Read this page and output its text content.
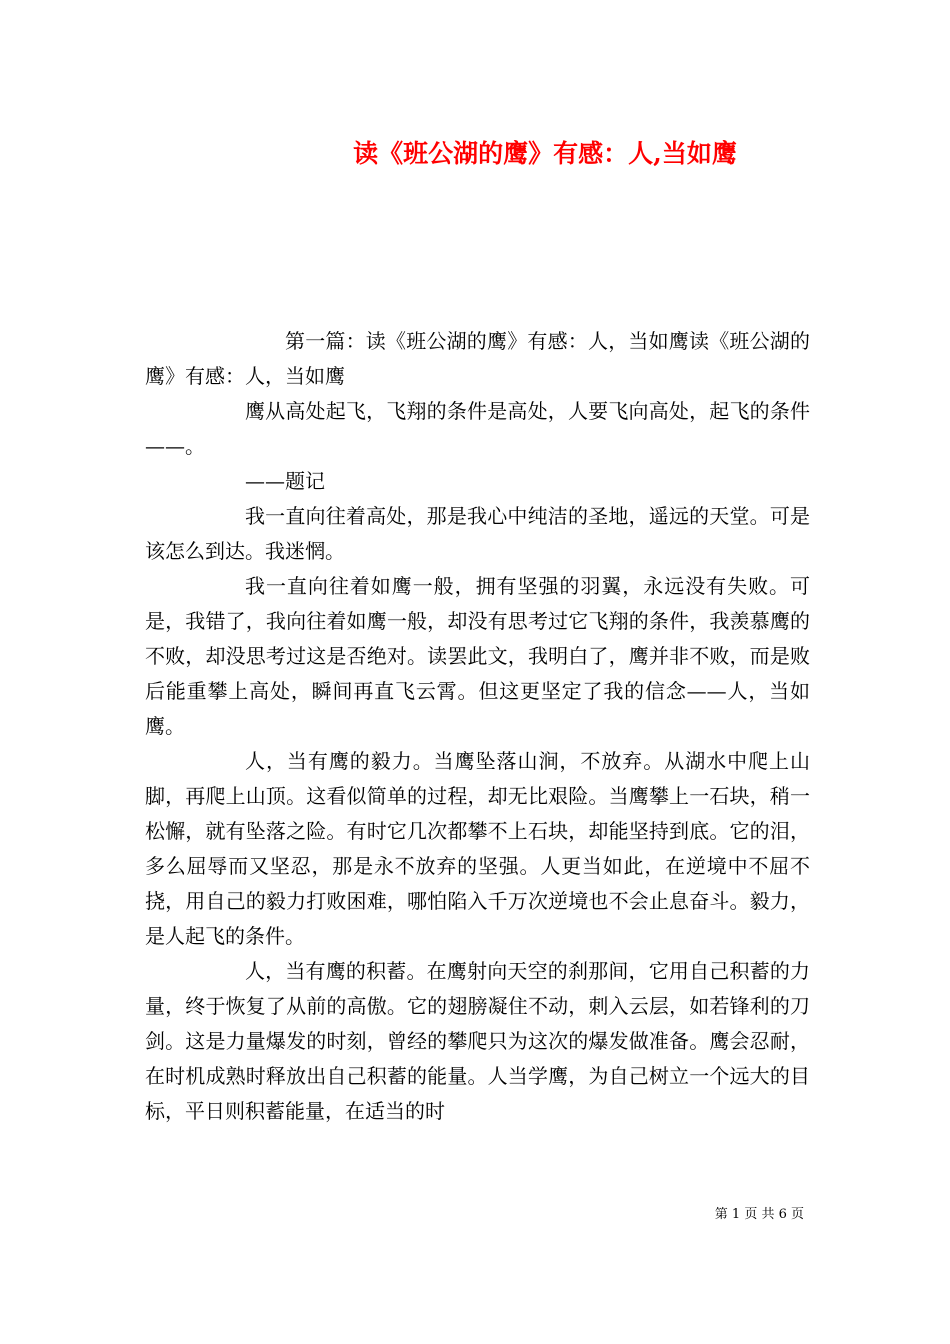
读《班公湖的鹰》有感：人,当如鹰

第一篇：读《班公湖的鹰》有感：人，当如鹰读《班公湖的鹰》有感：人，当如鹰

鹰从高处起飞，飞翔的条件是高处，人要飞向高处，起飞的条件——。

——题记

我一直向往着高处，那是我心中纯洁的圣地，遥远的天堂。可是该怎么到达。我迷惘。

我一直向往着如鹰一般，拥有坚强的羽翼，永远没有失败。可是，我错了，我向往着如鹰一般，却没有思考过它飞翔的条件，我羡慕鹰的不败，却没思考过这是否绝对。读罢此文，我明白了，鹰并非不败，而是败后能重攀上高处，瞬间再直飞云霄。但这更坚定了我的信念——人，当如鹰。

人，当有鹰的毅力。当鹰坠落山涧，不放弃。从湖水中爬上山脚，再爬上山顶。这看似简单的过程，却无比艰险。当鹰攀上一石块，稍一松懈，就有坠落之险。有时它几次都攀不上石块，却能坚持到底。它的泪，多么屈辱而又坚忍，那是永不放弃的坚强。人更当如此，在逆境中不屈不挠，用自己的毅力打败困难，哪怕陷入千万次逆境也不会止息奋斗。毅力，是人起飞的条件。

人，当有鹰的积蓄。在鹰射向天空的刹那间，它用自己积蓄的力量，终于恢复了从前的高傲。它的翅膀凝住不动，刺入云层，如若锋利的刀剑。这是力量爆发的时刻，曾经的攀爬只为这次的爆发做准备。鹰会忍耐，在时机成熟时释放出自己积蓄的能量。人当学鹰，为自己树立一个远大的目标，平日则积蓄能量，在适当的时

第 1 页 共 6 页
